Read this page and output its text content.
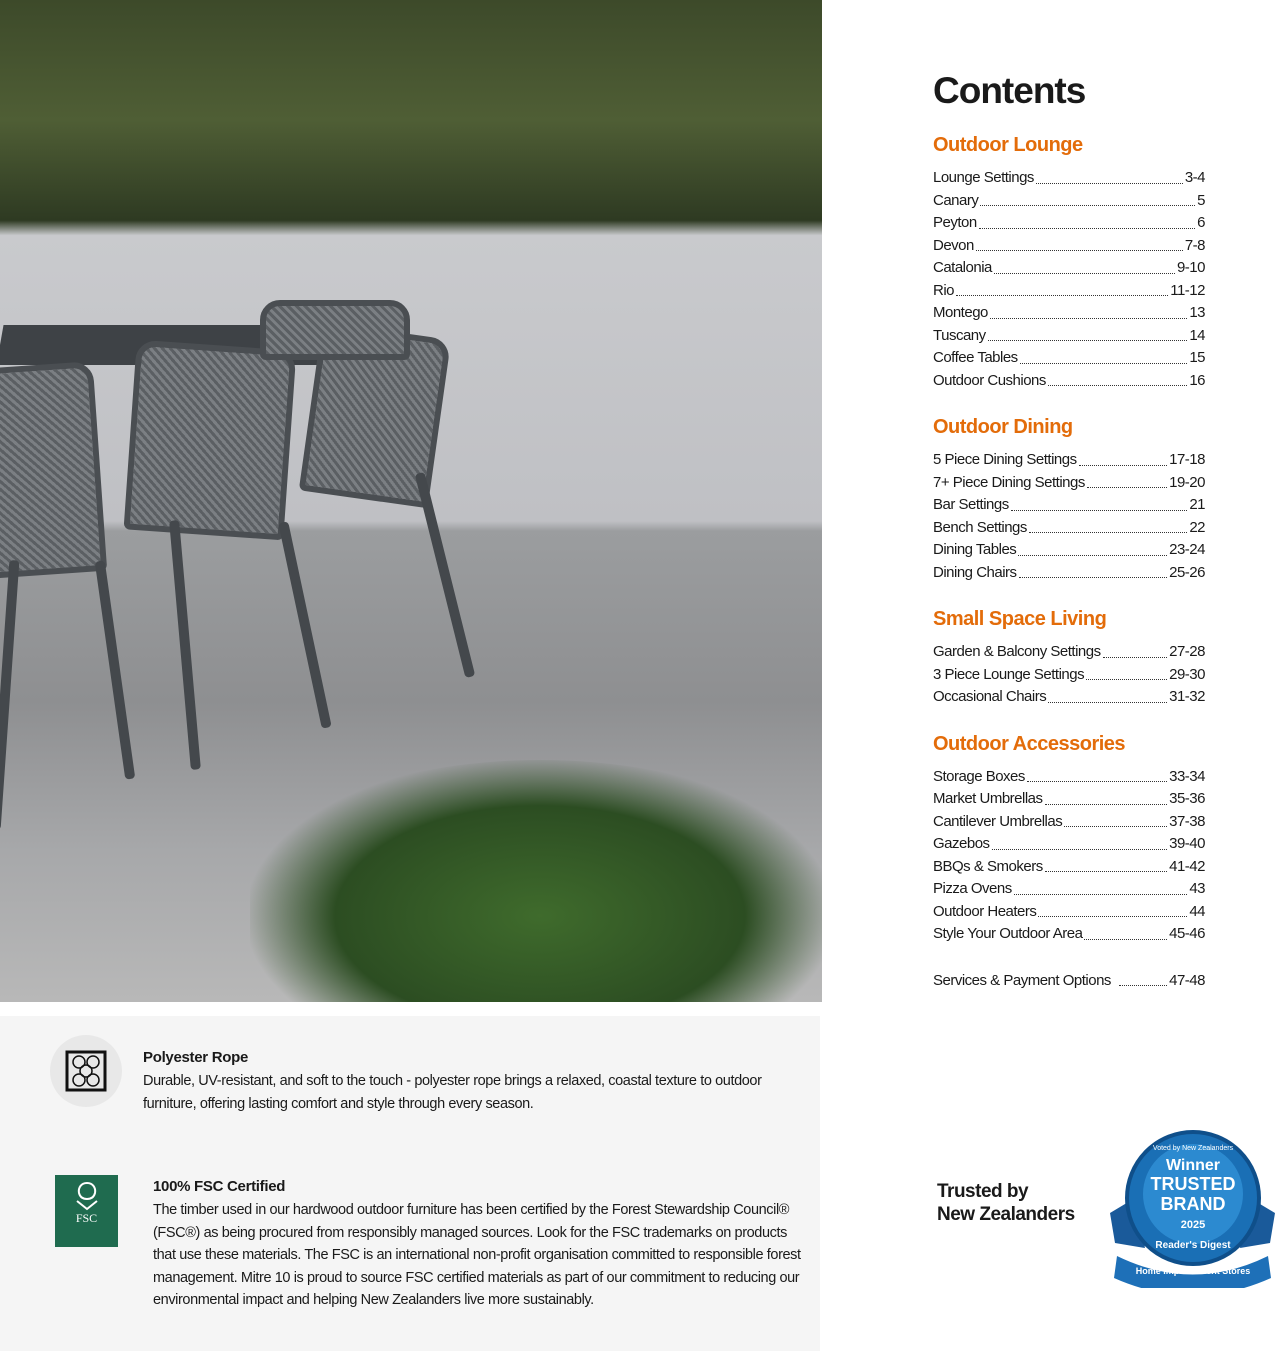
Polyester Rope

Durable, UV-resistant, and soft to the touch - polyester rope brings a relaxed, coastal texture to outdoor furniture, offering lasting comfort and style through every season.

FSC
100% FSC Certified

The timber used in our hardwood outdoor furniture has been certified by the Forest Stewardship Council® (FSC®) as being procured from responsibly managed sources. Look for the FSC trademarks on products that use these materials. The FSC is an international non-profit organisation committed to responsible forest management. Mitre 10 is proud to source FSC certified materials as part of our commitment to reducing our environmental impact and helping New Zealanders live more sustainably.

Contents
Outdoor Lounge
Lounge Settings	3-4
Canary	5
Peyton	6
Devon	7-8
Catalonia	9-10
Rio	11-12
Montego	13
Tuscany	14
Coffee Tables	15
Outdoor Cushions	16
Outdoor Dining
5 Piece Dining Settings	17-18
7+ Piece Dining Settings	19-20
Bar Settings	21
Bench Settings	22
Dining Tables	23-24
Dining Chairs	25-26
Small Space Living
Garden & Balcony Settings	27-28
3 Piece Lounge Settings	29-30
Occasional Chairs	31-32
Outdoor Accessories
Storage Boxes	33-34
Market Umbrellas	35-36
Cantilever Umbrellas	37-38
Gazebos	39-40
BBQs & Smokers	41-42
Pizza Ovens	43
Outdoor Heaters	44
Style Your Outdoor Area	45-46
Services & Payment Options	47-48
Trusted by
New Zealanders
Voted by New Zealanders
Winner
TRUSTED
BRAND
2025
Reader's Digest
Home Improvement Stores
